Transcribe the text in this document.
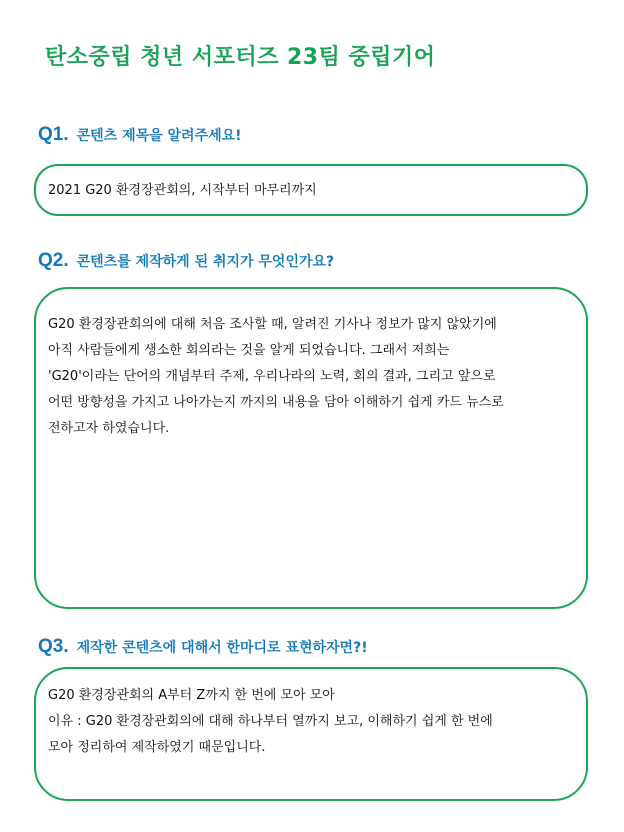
탄소중립 청년 서포터즈 23팀 중립기어
Q1. 콘텐츠 제목을 알려주세요!
2021 G20 환경장관회의, 시작부터 마무리까지
Q2. 콘텐츠를 제작하게 된 취지가 무엇인가요?
G20 환경장관회의에 대해 처음 조사할 때, 알려진 기사나 정보가 많지 않았기에
아직 사람들에게 생소한 회의라는 것을 알게 되었습니다. 그래서 저희는
'G20'이라는 단어의 개념부터 주제, 우리나라의 노력, 회의 결과, 그리고 앞으로
어떤 방향성을 가지고 나아가는지 까지의 내용을 담아 이해하기 쉽게 카드 뉴스로
전하고자 하였습니다.
Q3. 제작한 콘텐츠에 대해서 한마디로 표현하자면?!
G20 환경장관회의 A부터 Z까지 한 번에 모아 모아
이유 : G20 환경장관회의에 대해 하나부터 열까지 보고, 이해하기 쉽게 한 번에
모아 정리하여 제작하였기 때문입니다.
